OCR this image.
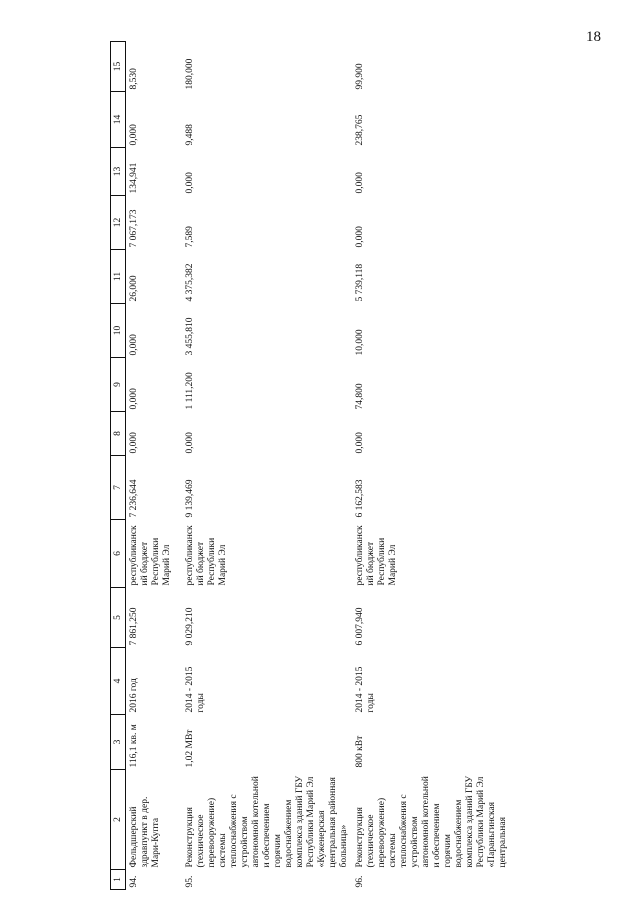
18
1	2	3	4	5	6	7	8	9	10	11	12	13	14	15
94.	Фельдшерский здравпункт в дер. Мари-Купта	116,1 кв. м	2016 год	7 861,250	республиканский бюджет Республики Марий Эл	7 236,644	0,000	0,000	0,000	26,000	7 067,173	134,941	0,000	8,530
95.	Реконструкция (техническое перевооружение) системы теплоснабжения с устройством автономной котельной и обеспечением горячим водоснабжением комплекса зданий ГБУ Республики Марий Эл «Куженерская центральная районная больница»	1,02 МВт	2014 - 2015 годы	9 029,210	республиканский бюджет Республики Марий Эл	9 139,469	0,000	1 111,200	3 455,810	4 375,382	7,589	0,000	9,488	180,000
96.	Реконструкция (техническое перевооружение) системы теплоснабжения с устройством автономной котельной и обеспечением горячим водоснабжением комплекса зданий ГБУ Республики Марий Эл «Параньгинская центральная	800 кВт	2014 - 2015 годы	6 007,940	республиканский бюджет Республики Марий Эл	6 162,583	0,000	74,800	10,000	5 739,118	0,000	0,000	238,765	99,900
